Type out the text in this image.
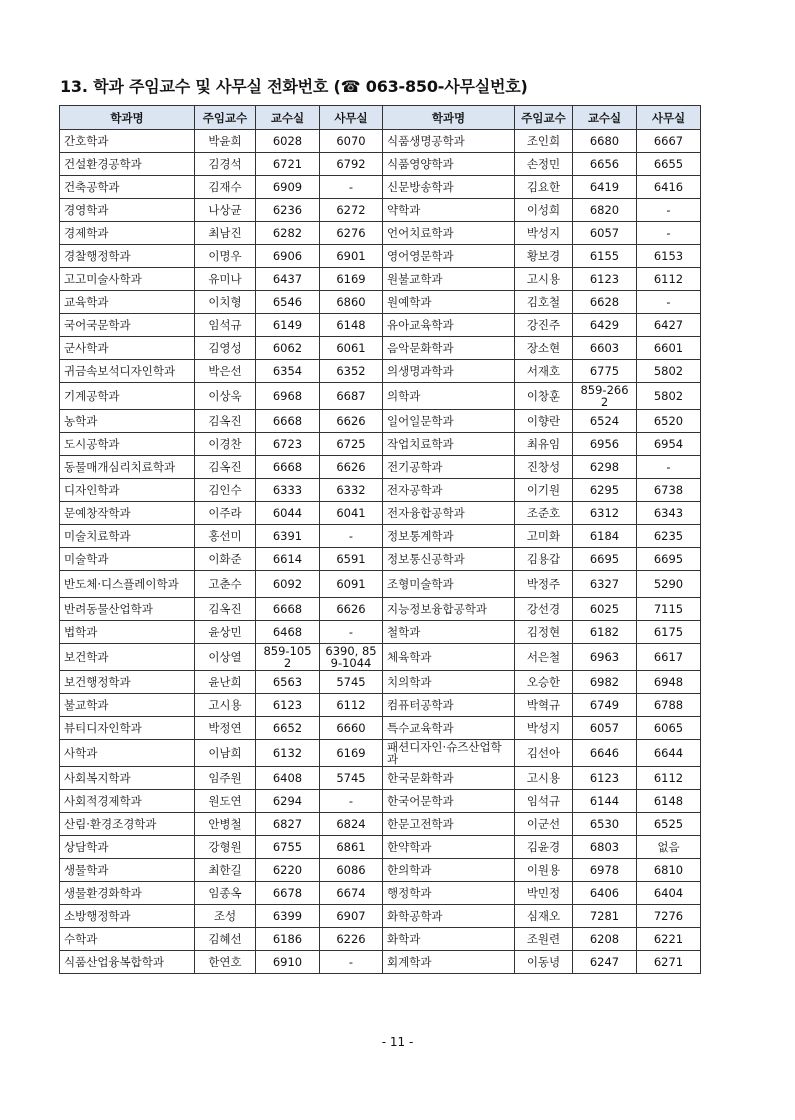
13. 학과 주임교수 및 사무실 전화번호 (☎ 063-850-사무실번호)
학과명	주임교수	교수실	사무실	학과명	주임교수	교수실	사무실
간호학과	박윤희	6028	6070	식품생명공학과	조인희	6680	6667
건설환경공학과	김경석	6721	6792	식품영양학과	손정민	6656	6655
건축공학과	김재수	6909	-	신문방송학과	김요한	6419	6416
경영학과	나상균	6236	6272	약학과	이성희	6820	-
경제학과	최남진	6282	6276	언어치료학과	박성지	6057	-
경찰행정학과	이명우	6906	6901	영어영문학과	황보경	6155	6153
고고미술사학과	유미나	6437	6169	원불교학과	고시용	6123	6112
교육학과	이치형	6546	6860	원예학과	김호철	6628	-
국어국문학과	임석규	6149	6148	유아교육학과	강진주	6429	6427
군사학과	김영성	6062	6061	음악문화학과	장소현	6603	6601
귀금속보석디자인학과	박은선	6354	6352	의생명과학과	서재호	6775	5802
기계공학과	이상욱	6968	6687	의학과	이창훈	859-2662	5802
농학과	김옥진	6668	6626	일어일문학과	이향란	6524	6520
도시공학과	이경찬	6723	6725	작업치료학과	최유임	6956	6954
동물매개심리치료학과	김옥진	6668	6626	전기공학과	진창성	6298	-
디자인학과	김인수	6333	6332	전자공학과	이기원	6295	6738
문예창작학과	이주라	6044	6041	전자융합공학과	조준호	6312	6343
미술치료학과	홍선미	6391	-	정보통계학과	고미화	6184	6235
미술학과	이화준	6614	6591	정보통신공학과	김용갑	6695	6695
반도체·디스플레이학과	고춘수	6092	6091	조형미술학과	박정주	6327	5290
반려동물산업학과	김옥진	6668	6626	지능정보융합공학과	강선경	6025	7115
법학과	윤상민	6468	-	철학과	김정현	6182	6175
보건학과	이상열	859-1052	6390, 859-1044	체육학과	서은철	6963	6617
보건행정학과	윤난희	6563	5745	치의학과	오승한	6982	6948
불교학과	고시용	6123	6112	컴퓨터공학과	박혁규	6749	6788
뷰티디자인학과	박정연	6652	6660	특수교육학과	박성지	6057	6065
사학과	이남희	6132	6169	패션디자인·슈즈산업학과	김선아	6646	6644
사회복지학과	임주원	6408	5745	한국문화학과	고시용	6123	6112
사회적경제학과	원도연	6294	-	한국어문학과	임석규	6144	6148
산림·환경조경학과	안병철	6827	6824	한문고전학과	이군선	6530	6525
상담학과	강형원	6755	6861	한약학과	김윤경	6803	없음
생물학과	최한길	6220	6086	한의학과	이원용	6978	6810
생물환경화학과	임종옥	6678	6674	행정학과	박민정	6406	6404
소방행정학과	조성	6399	6907	화학공학과	심재오	7281	7276
수학과	김혜선	6186	6226	화학과	조원련	6208	6221
식품산업융복합학과	한연호	6910	-	회계학과	이동녕	6247	6271
- 11 -
